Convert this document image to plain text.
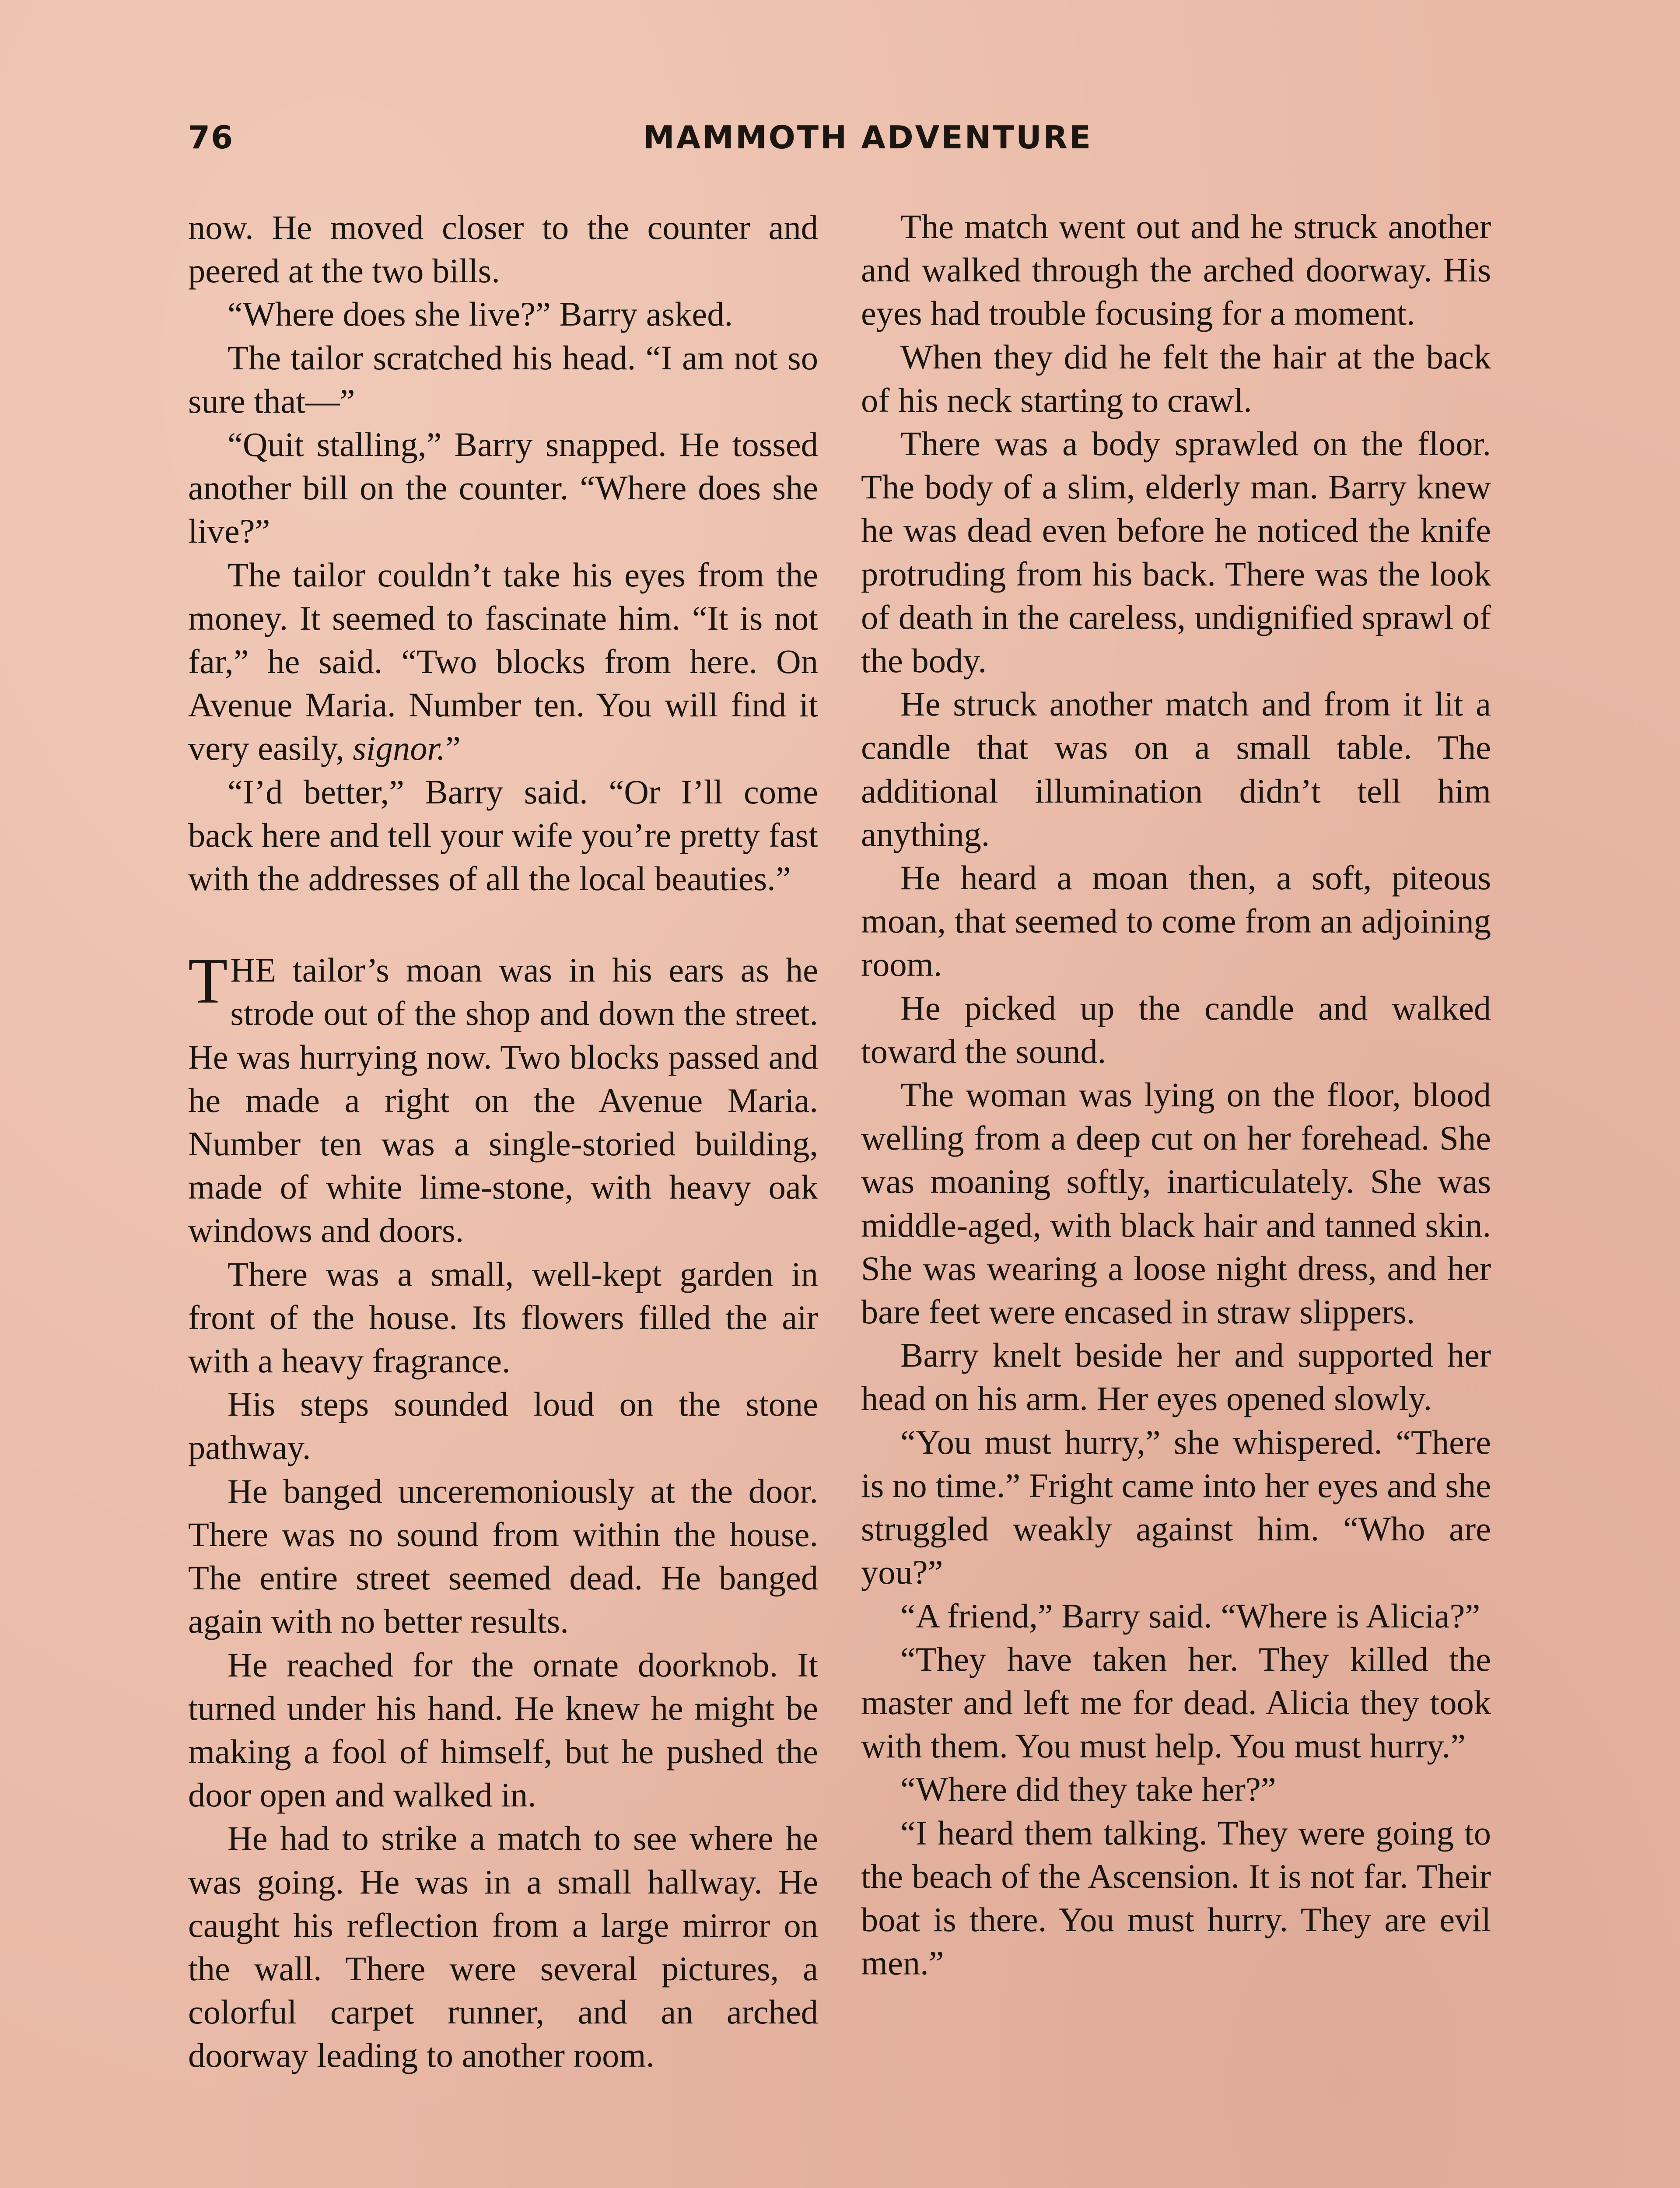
76	MAMMOTH ADVENTURE

now. He moved closer to the counter and peered at the two bills.

“Where does she live?” Barry asked.

The tailor scratched his head. “I am not so sure that—”

“Quit stalling,” Barry snapped. He tossed another bill on the counter. “Where does she live?”

The tailor couldn’t take his eyes from the money. It seemed to fascinate him. “It is not far,” he said. “Two blocks from here. On Avenue Maria. Number ten. You will find it very easily, signor.”

“I’d better,” Barry said. “Or I’ll come back here and tell your wife you’re pretty fast with the addresses of all the local beauties.”

THE tailor’s moan was in his ears as he strode out of the shop and down the street. He was hurrying now. Two blocks passed and he made a right on the Avenue Maria. Number ten was a single-storied building, made of white lime-stone, with heavy oak windows and doors.

There was a small, well-kept garden in front of the house. Its flowers filled the air with a heavy fragrance.

His steps sounded loud on the stone pathway.

He banged unceremoniously at the door. There was no sound from within the house. The entire street seemed dead. He banged again with no better results.

He reached for the ornate doorknob. It turned under his hand. He knew he might be making a fool of himself, but he pushed the door open and walked in.

He had to strike a match to see where he was going. He was in a small hallway. He caught his reflection from a large mirror on the wall. There were several pictures, a colorful carpet runner, and an arched doorway leading to another room.

The match went out and he struck another and walked through the arched doorway. His eyes had trouble focusing for a moment.

When they did he felt the hair at the back of his neck starting to crawl.

There was a body sprawled on the floor. The body of a slim, elderly man. Barry knew he was dead even before he noticed the knife protruding from his back. There was the look of death in the careless, undignified sprawl of the body.

He struck another match and from it lit a candle that was on a small table. The additional illumination didn’t tell him anything.

He heard a moan then, a soft, piteous moan, that seemed to come from an adjoining room.

He picked up the candle and walked toward the sound.

The woman was lying on the floor, blood welling from a deep cut on her forehead. She was moaning softly, inarticulately. She was middle-aged, with black hair and tanned skin. She was wearing a loose night dress, and her bare feet were encased in straw slippers.

Barry knelt beside her and supported her head on his arm. Her eyes opened slowly.

“You must hurry,” she whispered. “There is no time.” Fright came into her eyes and she struggled weakly against him. “Who are you?”

“A friend,” Barry said. “Where is Alicia?”

“They have taken her. They killed the master and left me for dead. Alicia they took with them. You must help. You must hurry.”

“Where did they take her?”

“I heard them talking. They were going to the beach of the Ascension. It is not far. Their boat is there. You must hurry. They are evil men.”
